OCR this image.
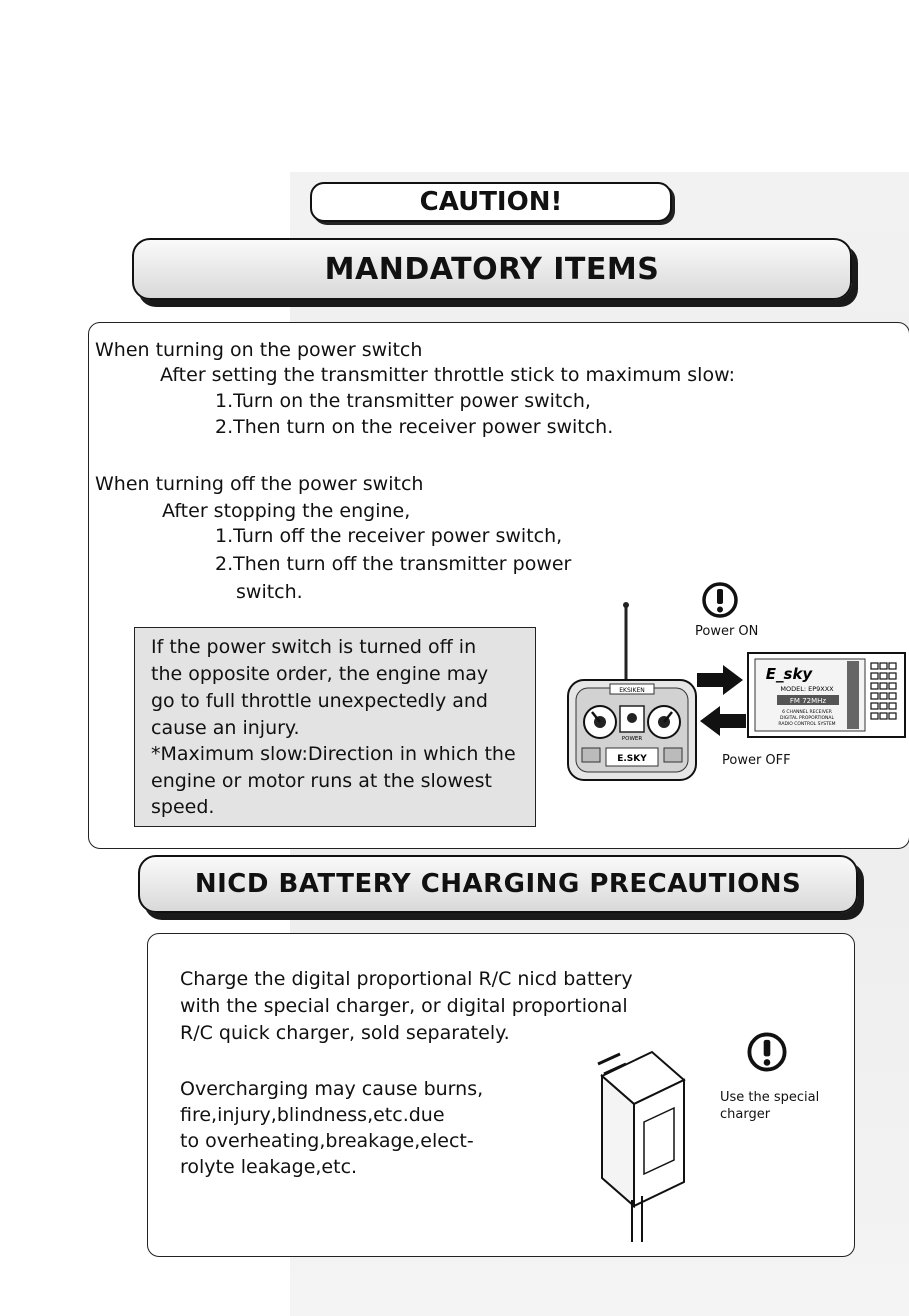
CAUTION!
MANDATORY ITEMS
When turning on the power switch
After setting the transmitter throttle stick to maximum slow:
1.Turn on the transmitter power switch,
2.Then turn on the receiver power switch.
When turning off the power switch
After stopping the engine,
1.Turn off the receiver power switch,
2.Then turn off the transmitter power
switch.
If the power switch is turned off in
the opposite order, the engine may
go to full throttle unexpectedly and
cause an injury.
*Maximum slow:Direction in which the
engine or motor runs at the slowest
speed.
Power ON
EKSIKEN
POWER
E.SKY
E_sky
MODEL: EP9XXX
FM 72MHz
6 CHANNEL RECEIVER
DIGITAL PROPORTIONAL
RADIO CONTROL SYSTEM
Power OFF
NICD BATTERY CHARGING PRECAUTIONS
Charge the digital proportional R/C nicd battery
with the special charger, or digital proportional
R/C quick charger, sold separately.
Overcharging may cause burns,
fire,injury,blindness,etc.due
to overheating,breakage,elect-
rolyte leakage,etc.
Use the special
charger
